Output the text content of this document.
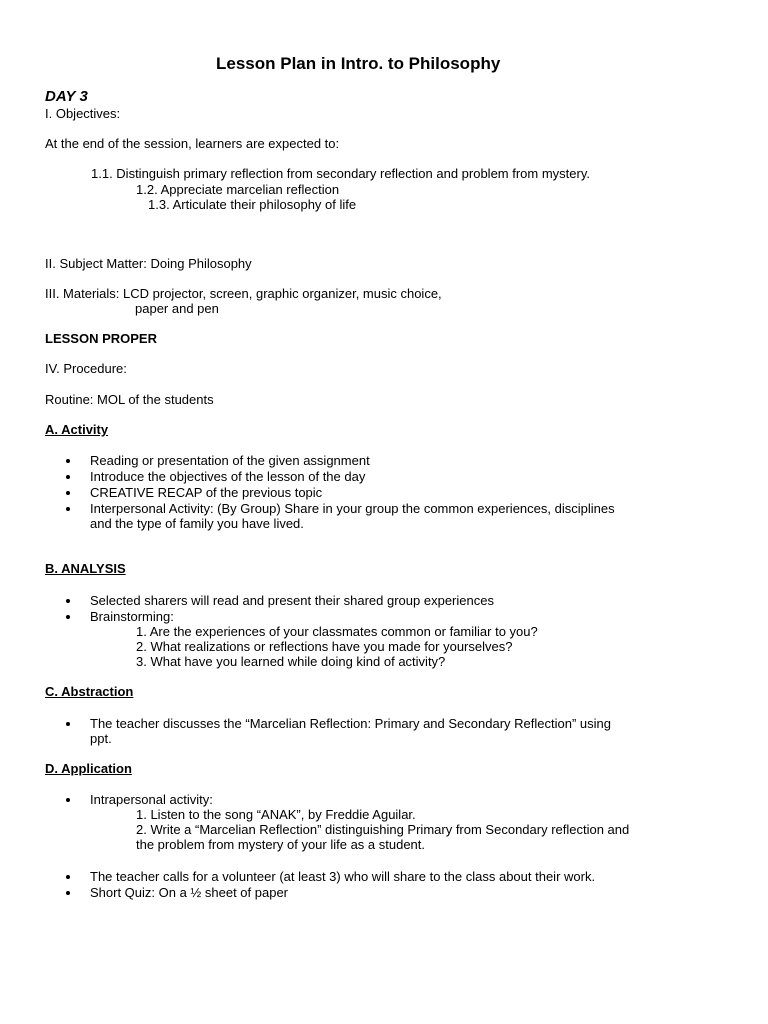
Lesson Plan in Intro. to Philosophy
DAY 3
I. Objectives:
At the end of the session, learners are expected to:
1.1. Distinguish primary reflection from secondary reflection and problem from mystery.
1.2. Appreciate marcelian reflection
1.3. Articulate their philosophy of life
II. Subject Matter: Doing Philosophy
III. Materials: LCD projector, screen, graphic organizer, music choice,
paper and pen
LESSON PROPER
IV. Procedure:
Routine: MOL of the students
A. Activity
Reading or presentation of the given assignment
Introduce the objectives of the lesson of the day
CREATIVE RECAP of the previous topic
Interpersonal Activity: (By Group) Share in your group the common experiences, disciplines
and the type of family you have lived.
B. ANALYSIS
Selected sharers will read and present their shared group experiences
Brainstorming:
1. Are the experiences of your classmates common or familiar to you?
2. What realizations or reflections have you made for yourselves?
3. What have you learned while doing kind of activity?
C. Abstraction
The teacher discusses the “Marcelian Reflection: Primary and Secondary Reflection” using
ppt.
D. Application
Intrapersonal activity:
1. Listen to the song “ANAK”, by Freddie Aguilar.
2. Write a “Marcelian Reflection” distinguishing Primary from Secondary reflection and
the problem from mystery of your life as a student.
The teacher calls for a volunteer (at least 3) who will share to the class about their work.
Short Quiz: On a ½ sheet of paper
